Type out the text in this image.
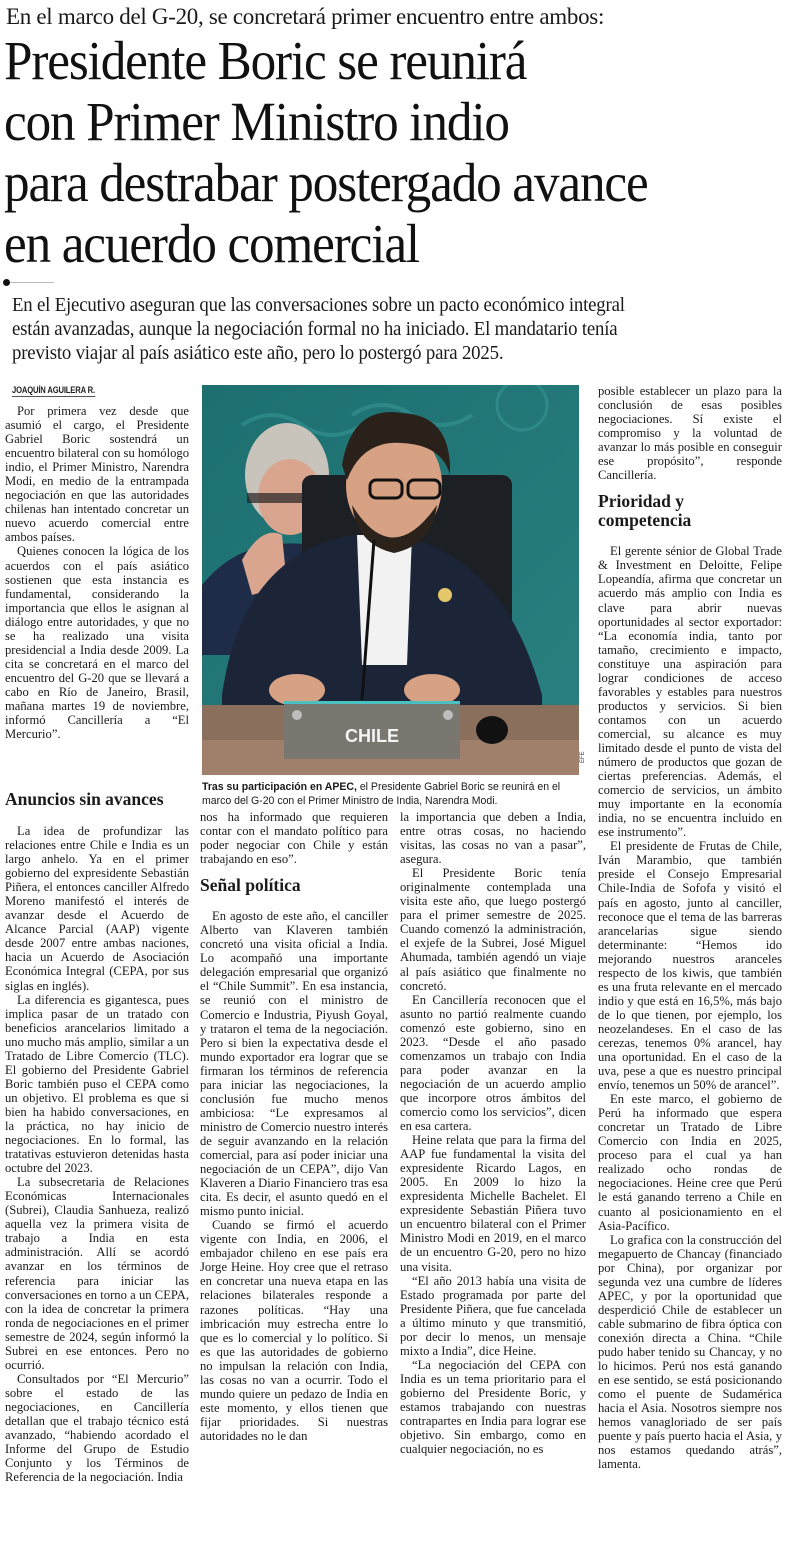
En el marco del G-20, se concretará primer encuentro entre ambos:
Presidente Boric se reunirá
con Primer Ministro indio
para destrabar postergado avance
en acuerdo comercial
En el Ejecutivo aseguran que las conversaciones sobre un pacto económico integral
están avanzadas, aunque la negociación formal no ha iniciado. El mandatario tenía
previsto viajar al país asiático este año, pero lo postergó para 2025.
JOAQUÍN AGUILERA R.

Por primera vez desde que asumió el cargo, el Presidente Gabriel Boric sostendrá un encuentro bilateral con su homólogo indio, el Primer Ministro, Narendra Modi, en medio de la entrampada negociación en que las autoridades chilenas han intentado concretar un nuevo acuerdo comercial entre ambos países.

Quienes conocen la lógica de los acuerdos con el país asiático sostienen que esta instancia es fundamental, considerando la importancia que ellos le asignan al diálogo entre autoridades, y que no se ha realizado una visita presidencial a India desde 2009. La cita se concretará en el marco del encuentro del G-20 que se llevará a cabo en Río de Janeiro, Brasil, mañana martes 19 de noviembre, informó Cancillería a “El Mercurio”.	CHILE
EFE
Tras su participación en APEC, el Presidente Gabriel Boric se reunirá en el marco del G-20 con el Primer Ministro de India, Narendra Modi.
Anuncios sin avances

La idea de profundizar las relaciones entre Chile e India es un largo anhelo. Ya en el primer gobierno del expresidente Sebastián Piñera, el entonces canciller Alfredo Moreno manifestó el interés de avanzar desde el Acuerdo de Alcance Parcial (AAP) vigente desde 2007 entre ambas naciones, hacia un Acuerdo de Asociación Económica Integral (CEPA, por sus siglas en inglés).

La diferencia es gigantesca, pues implica pasar de un tratado con beneficios arancelarios limitado a uno mucho más amplio, similar a un Tratado de Libre Comercio (TLC). El gobierno del Presidente Gabriel Boric también puso el CEPA como un objetivo. El problema es que si bien ha habido conversaciones, en la práctica, no hay inicio de negociaciones. En lo formal, las tratativas estuvieron detenidas hasta octubre del 2023.

La subsecretaria de Relaciones Económicas Internacionales (Subrei), Claudia Sanhueza, realizó aquella vez la primera visita de trabajo a India en esta administración. Allí se acordó avanzar en los términos de referencia para iniciar las conversaciones en torno a un CEPA, con la idea de concretar la primera ronda de negociaciones en el primer semestre de 2024, según informó la Subrei en ese entonces. Pero no ocurrió.

Consultados por “El Mercurio” sobre el estado de las negociaciones, en Cancillería detallan que el trabajo técnico está avanzado, “habiendo acordado el Informe del Grupo de Estudio Conjunto y los Términos de Referencia de la negociación. India

nos ha informado que requieren contar con el mandato político para poder negociar con Chile y están trabajando en eso”.

Señal política

En agosto de este año, el canciller Alberto van Klaveren también concretó una visita oficial a India. Lo acompañó una importante delegación empresarial que organizó el “Chile Summit”. En esa instancia, se reunió con el ministro de Comercio e Industria, Piyush Goyal, y trataron el tema de la negociación. Pero si bien la expectativa desde el mundo exportador era lograr que se firmaran los términos de referencia para iniciar las negociaciones, la conclusión fue mucho menos ambiciosa: “Le expresamos al ministro de Comercio nuestro interés de seguir avanzando en la relación comercial, para así poder iniciar una negociación de un CEPA”, dijo Van Klaveren a Diario Financiero tras esa cita. Es decir, el asunto quedó en el mismo punto inicial.

Cuando se firmó el acuerdo vigente con India, en 2006, el embajador chileno en ese país era Jorge Heine. Hoy cree que el retraso en concretar una nueva etapa en las relaciones bilaterales responde a razones políticas. “Hay una imbricación muy estrecha entre lo que es lo comercial y lo político. Si es que las autoridades de gobierno no impulsan la relación con India, las cosas no van a ocurrir. Todo el mundo quiere un pedazo de India en este momento, y ellos tienen que fijar prioridades. Si nuestras autoridades no le dan

la importancia que deben a India, entre otras cosas, no haciendo visitas, las cosas no van a pasar”, asegura.

El Presidente Boric tenía originalmente contemplada una visita este año, que luego postergó para el primer semestre de 2025. Cuando comenzó la administración, el exjefe de la Subrei, José Miguel Ahumada, también agendó un viaje al país asiático que finalmente no concretó.

En Cancillería reconocen que el asunto no partió realmente cuando comenzó este gobierno, sino en 2023. “Desde el año pasado comenzamos un trabajo con India para poder avanzar en la negociación de un acuerdo amplio que incorpore otros ámbitos del comercio como los servicios”, dicen en esa cartera.

Heine relata que para la firma del AAP fue fundamental la visita del expresidente Ricardo Lagos, en 2005. En 2009 lo hizo la expresidenta Michelle Bachelet. El expresidente Sebastián Piñera tuvo un encuentro bilateral con el Primer Ministro Modi en 2019, en el marco de un encuentro G-20, pero no hizo una visita.

“El año 2013 había una visita de Estado programada por parte del Presidente Piñera, que fue cancelada a último minuto y que transmitió, por decir lo menos, un mensaje mixto a India”, dice Heine.

“La negociación del CEPA con India es un tema prioritario para el gobierno del Presidente Boric, y estamos trabajando con nuestras contrapartes en India para lograr ese objetivo. Sin embargo, como en cualquier negociación, no es

posible establecer un plazo para la conclusión de esas posibles negociaciones. Sí existe el compromiso y la voluntad de avanzar lo más posible en conseguir ese propósito”, responde Cancillería.

Prioridad y competencia

El gerente sénior de Global Trade & Investment en Deloitte, Felipe Lopeandía, afirma que concretar un acuerdo más amplio con India es clave para abrir nuevas oportunidades al sector exportador: “La economía india, tanto por tamaño, crecimiento e impacto, constituye una aspiración para lograr condiciones de acceso favorables y estables para nuestros productos y servicios. Si bien contamos con un acuerdo comercial, su alcance es muy limitado desde el punto de vista del número de productos que gozan de ciertas preferencias. Además, el comercio de servicios, un ámbito muy importante en la economía india, no se encuentra incluido en ese instrumento”.

El presidente de Frutas de Chile, Iván Marambio, que también preside el Consejo Empresarial Chile-India de Sofofa y visitó el país en agosto, junto al canciller, reconoce que el tema de las barreras arancelarias sigue siendo determinante: “Hemos ido mejorando nuestros aranceles respecto de los kiwis, que también es una fruta relevante en el mercado indio y que está en 16,5%, más bajo de lo que tienen, por ejemplo, los neozelandeses. En el caso de las cerezas, tenemos 0% arancel, hay una oportunidad. En el caso de la uva, pese a que es nuestro principal envío, tenemos un 50% de arancel”.

En este marco, el gobierno de Perú ha informado que espera concretar un Tratado de Libre Comercio con India en 2025, proceso para el cual ya han realizado ocho rondas de negociaciones. Heine cree que Perú le está ganando terreno a Chile en cuanto al posicionamiento en el Asia-Pacífico.

Lo grafica con la construcción del megapuerto de Chancay (financiado por China), por organizar por segunda vez una cumbre de líderes APEC, y por la oportunidad que desperdició Chile de establecer un cable submarino de fibra óptica con conexión directa a China. “Chile pudo haber tenido su Chancay, y no lo hicimos. Perú nos está ganando en ese sentido, se está posicionando como el puente de Sudamérica hacia el Asia. Nosotros siempre nos hemos vanagloriado de ser país puente y país puerto hacia el Asia, y nos estamos quedando atrás”, lamenta.
